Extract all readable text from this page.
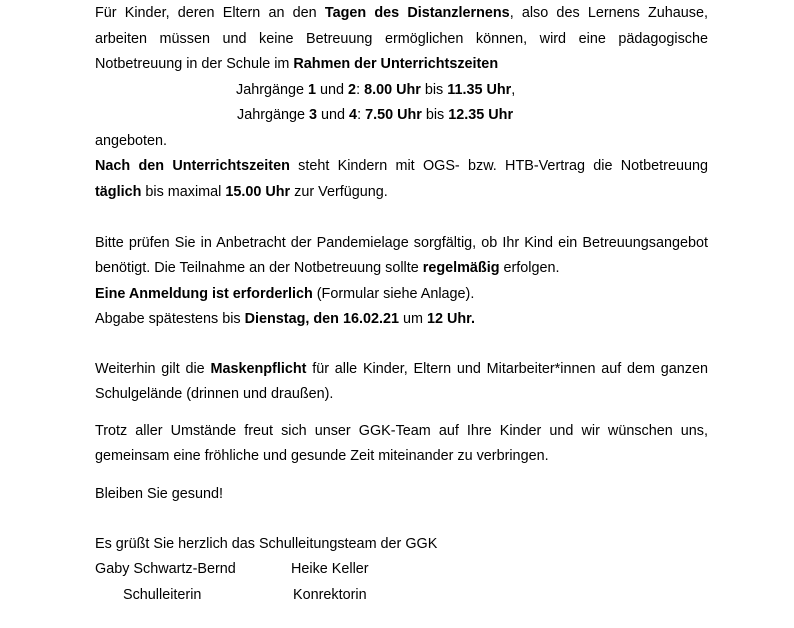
Für Kinder, deren Eltern an den Tagen des Distanzlernens, also des Lernens Zuhause,
arbeiten müssen und keine Betreuung ermöglichen können, wird eine pädagogische
Notbetreuung in der Schule im Rahmen der Unterrichtszeiten
Jahrgänge 1 und 2: 8.00 Uhr bis 11.35 Uhr,
Jahrgänge 3 und 4: 7.50 Uhr bis 12.35 Uhr
angeboten.
Nach den Unterrichtszeiten steht Kindern mit OGS- bzw. HTB-Vertrag die Notbetreuung
täglich bis maximal 15.00 Uhr zur Verfügung.
Bitte prüfen Sie in Anbetracht der Pandemielage sorgfältig, ob Ihr Kind ein Betreuungsangebot
benötigt. Die Teilnahme an der Notbetreuung sollte regelmäßig erfolgen.
Eine Anmeldung ist erforderlich (Formular siehe Anlage).
Abgabe spätestens bis Dienstag, den 16.02.21 um 12 Uhr.
Weiterhin gilt die Maskenpflicht für alle Kinder, Eltern und Mitarbeiter*innen auf dem ganzen
Schulgelände (drinnen und draußen).
Trotz aller Umstände freut sich unser GGK-Team auf Ihre Kinder und wir wünschen uns,
gemeinsam eine fröhliche und gesunde Zeit miteinander zu verbringen.
Bleiben Sie gesund!
Es grüßt Sie herzlich das Schulleitungsteam der GGK
Gaby Schwartz-Bernd	Heike Keller
Schulleiterin	Konrektorin
